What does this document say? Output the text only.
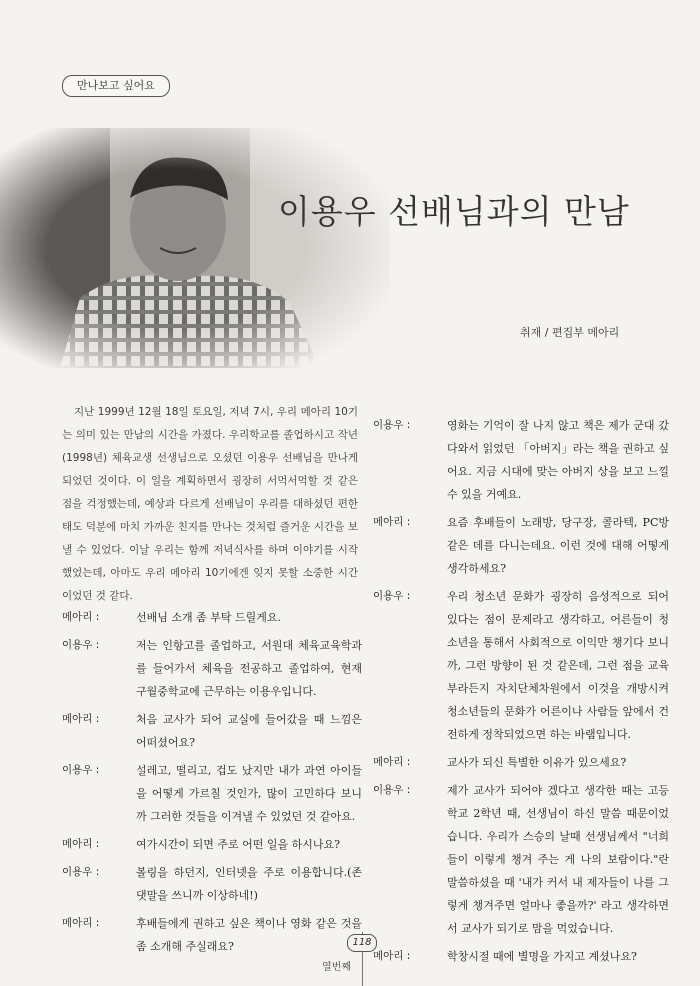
만나보고 싶어요
이용우 선배님과의 만남
취재 / 편집부 메아리

지난 1999년 12월 18일 토요일, 저녁 7시, 우리 메아리 10기는 의미 있는 만남의 시간을 가졌다. 우리학교를 졸업하시고 작년(1998년) 체육교생 선생님으로 오셨던 이용우 선배님을 만나게 되었던 것이다. 이 일을 계획하면서 굉장히 서먹서먹할 것 같은 점을 걱정했는데, 예상과 다르게 선배님이 우리를 대하셨던 편한 태도 덕분에 마치 가까운 친지를 만나는 것처럼 즐거운 시간을 보낼 수 있었다. 이날 우리는 함께 저녁식사를 하며 이야기를 시작했었는데, 아마도 우리 메아리 10기에겐 잊지 못할 소중한 시간이었던 것 같다.

메아리 :	선배님 소개 좀 부탁 드릴게요.
이용우 :	저는 인항고를 졸업하고, 서원대 체육교육학과를 들어가서 체육을 전공하고 졸업하여, 현재 구월중학교에 근무하는 이용우입니다.
메아리 :	처음 교사가 되어 교실에 들어갔을 때 느낌은 어떠셨어요?
이용우 :	설레고, 떨리고, 겁도 났지만 내가 과연 아이들을 어떻게 가르칠 것인가, 많이 고민하다 보니까 그러한 것들을 이겨낼 수 있었던 것 같아요.
메아리 :	여가시간이 되면 주로 어떤 일을 하시나요?
이용우 :	볼링을 하던지, 인터넷을 주로 이용합니다.(존댓말을 쓰니까 이상하네!)
메아리 :	후배들에게 권하고 싶은 책이나 영화 같은 것을 좀 소개해 주실래요?
이용우 :	영화는 기억이 잘 나지 않고 책은 제가 군대 갔다와서 읽었던 「아버지」라는 책을 권하고 싶어요. 지금 시대에 맞는 아버지 상을 보고 느낄 수 있을 거예요.
메아리 :	요즘 후배들이 노래방, 당구장, 콜라텍, PC방 같은 데를 다니는데요. 이런 것에 대해 어떻게 생각하세요?
이용우 :	우리 청소년 문화가 굉장히 음성적으로 되어 있다는 점이 문제라고 생각하고, 어른들이 청소년을 통해서 사회적으로 이익만 챙기다 보니까, 그런 방향이 된 것 같은데, 그런 점을 교육부라든지 자치단체차원에서 이것을 개방시켜 청소년들의 문화가 어른이나 사람들 앞에서 건전하게 정착되었으면 하는 바램입니다.
메아리 :	교사가 되신 특별한 이유가 있으세요?
이용우 :	제가 교사가 되어야 겠다고 생각한 때는 고등학교 2학년 때, 선생님이 하신 말씀 때문이었습니다. 우리가 스승의 날때 선생님께서 "너희들이 이렇게 챙겨 주는 게 나의 보람이다."란 말씀하셨을 때 '내가 커서 내 제자들이 나를 그렇게 챙겨주면 얼마나 좋을까?' 라고 생각하면서 교사가 되기로 맘을 먹었습니다.
메아리 :	학창시절 때에 별명을 가지고 계셨나요?
118
열번째
